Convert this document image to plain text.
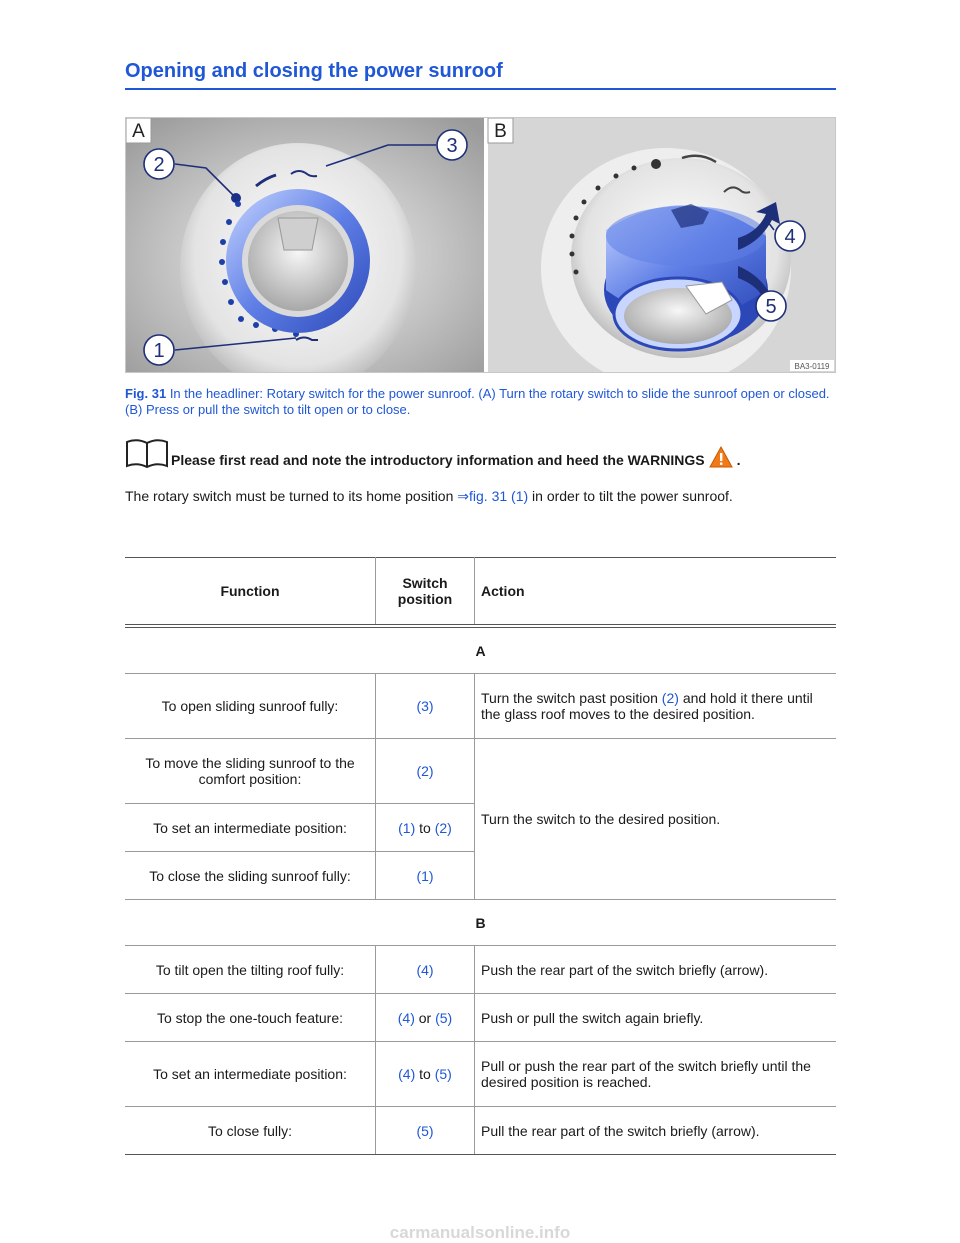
Opening and closing the power sunroof
2
3
1
A
4
5
B
BA3-0119

Fig. 31 In the headliner: Rotary switch for the power sunroof. (A) Turn the rotary switch to slide the sunroof open or closed. (B) Press or pull the switch to tilt open or to close.

Please first read and note the introductory information and heed the WARNINGS .

The rotary switch must be turned to its home position ⇒fig. 31 (1) in order to tilt the power sunroof.

Function	Switch position	Action
A		
To open sliding sunroof fully:	(3)	Turn the switch past position (2) and hold it there until the glass roof moves to the desired position.
To move the sliding sunroof to the comfort position:	(2)	Turn the switch to the desired position.
To set an intermediate position:	(1) to (2)	
To close the sliding sunroof fully:	(1)	
B		
To tilt open the tilting roof fully:	(4)	Push the rear part of the switch briefly (arrow).
To stop the one-touch feature:	(4) or (5)	Push or pull the switch again briefly.
To set an intermediate position:	(4) to (5)	Pull or push the rear part of the switch briefly until the desired position is reached.
To close fully:	(5)	Pull the rear part of the switch briefly (arrow).
carmanualsonline.info
